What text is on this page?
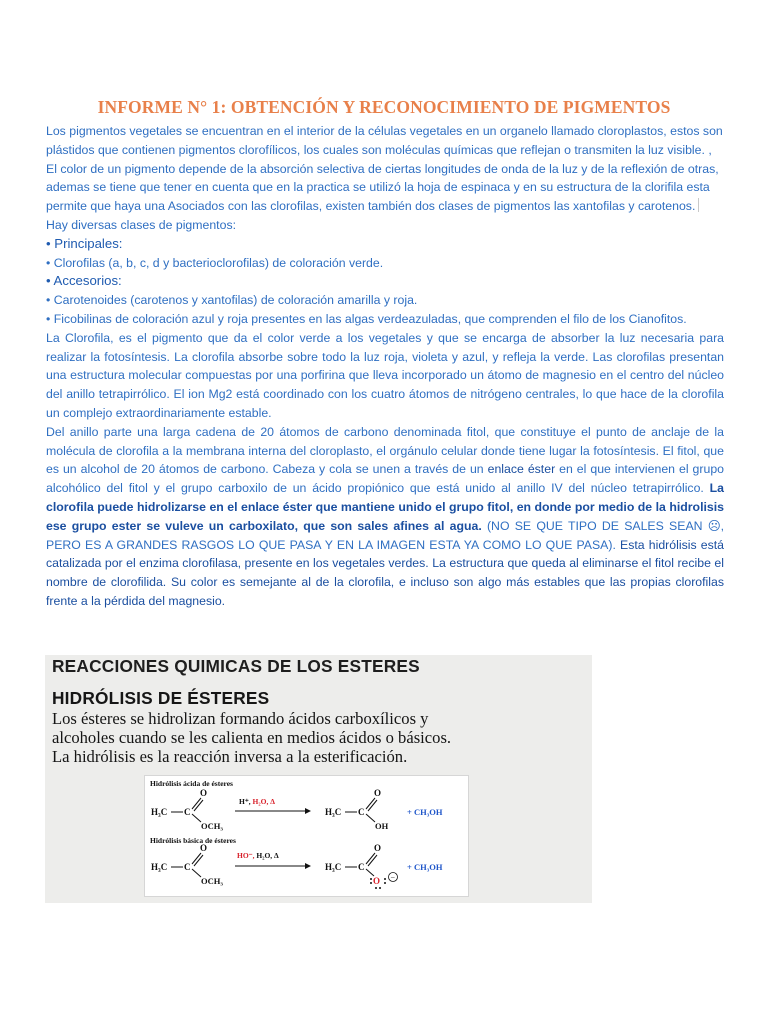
INFORME N° 1: OBTENCIÓN Y RECONOCIMIENTO DE PIGMENTOS

Los pigmentos vegetales se encuentran en el interior de la células vegetales en un organelo llamado cloroplastos, estos son plástidos que contienen pigmentos clorofílicos, los cuales son moléculas químicas que reflejan o transmiten la luz visible. , El color de un pigmento depende de la absorción selectiva de ciertas longitudes de onda de la luz y de la reflexión de otras, ademas se tiene que tener en cuenta que en la practica se utilizó la hoja de espinaca y en su estructura de la clorifila esta permite que haya una Asociados con las clorofilas, existen también dos clases de pigmentos las xantofilas y carotenos.

Hay diversas clases de pigmentos:

• Principales:

• Clorofilas (a, b, c, d y bacterioclorofilas) de coloración verde.

• Accesorios:

• Carotenoides (carotenos y xantofilas) de coloración amarilla y roja.

• Ficobilinas de coloración azul y roja presentes en las algas verdeazuladas, que comprenden el filo de los Cianofitos.

La Clorofila, es el pigmento que da el color verde a los vegetales y que se encarga de absorber la luz necesaria para realizar la fotosíntesis. La clorofila absorbe sobre todo la luz roja, violeta y azul, y refleja la verde. Las clorofilas presentan una estructura molecular compuestas por una porfirina que lleva incorporado un átomo de magnesio en el centro del núcleo del anillo tetrapirrólico. El ion Mg2 está coordinado con los cuatro átomos de nitrógeno centrales, lo que hace de la clorofila un complejo extraordinariamente estable.

Del anillo parte una larga cadena de 20 átomos de carbono denominada fitol, que constituye el punto de anclaje de la molécula de clorofila a la membrana interna del cloroplasto, el orgánulo celular donde tiene lugar la fotosíntesis. El fitol, que es un alcohol de 20 átomos de carbono. Cabeza y cola se unen a través de un enlace éster en el que intervienen el grupo alcohólico del fitol y el grupo carboxilo de un ácido propiónico que está unido al anillo IV del núcleo tetrapirrólico. La clorofila puede hidrolizarse en el enlace éster que mantiene unido el grupo fitol, en donde por medio de la hidrolisis ese grupo ester se vuleve un carboxilato, que son sales afines al agua. (NO SE QUE TIPO DE SALES SEAN ☹, PERO ES A GRANDES RASGOS LO QUE PASA Y EN LA IMAGEN ESTA YA COMO LO QUE PASA). Esta hidrólisis está catalizada por el enzima clorofilasa, presente en los vegetales verdes. La estructura que queda al eliminarse el fitol recibe el nombre de clorofilida. Su color es semejante al de la clorofila, e incluso son algo más estables que las propias clorofilas frente a la pérdida del magnesio.

REACCIONES QUIMICAS DE LOS ESTERES
HIDRÓLISIS DE ÉSTERES
Los ésteres se hidrolizan formando ácidos carboxílicos y
alcoholes cuando se les calienta en medios ácidos o básicos.
La hidrólisis es la reacción inversa a la esterificación.
Hidrólisis ácida de ésteres
H₃C C
O
OCH₃
H⁺, H₂O, Δ
H₃C C
O
OH
+ CH₃OH
Hidrólisis básica de ésteres
H₃C C
O
OCH₃
HO⁻, H₂O, Δ
H₃C C
O
O −
+ CH₃OH
